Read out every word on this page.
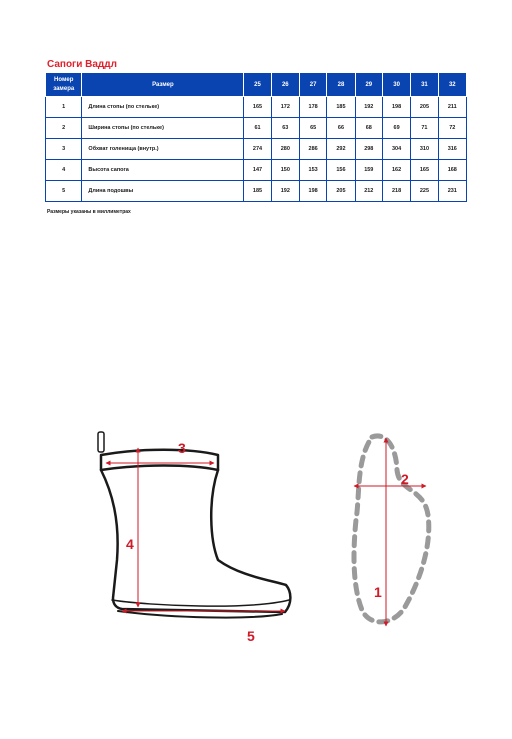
Сапоги Ваддл
Номер
замера	Размер	25	26	27	28	29	30	31	32
1	Длина стопы (по стельке)	165	172	178	185	192	198	205	211
2	Ширина стопы (по стельке)	61	63	65	66	68	69	71	72
3	Обхват голенища (внутр.)	274	280	286	292	298	304	310	316
4	Высота сапога	147	150	153	156	159	162	165	168
5	Длина подошвы	185	192	198	205	212	218	225	231
Размеры указаны в миллиметрах
3
4
5
2
1
